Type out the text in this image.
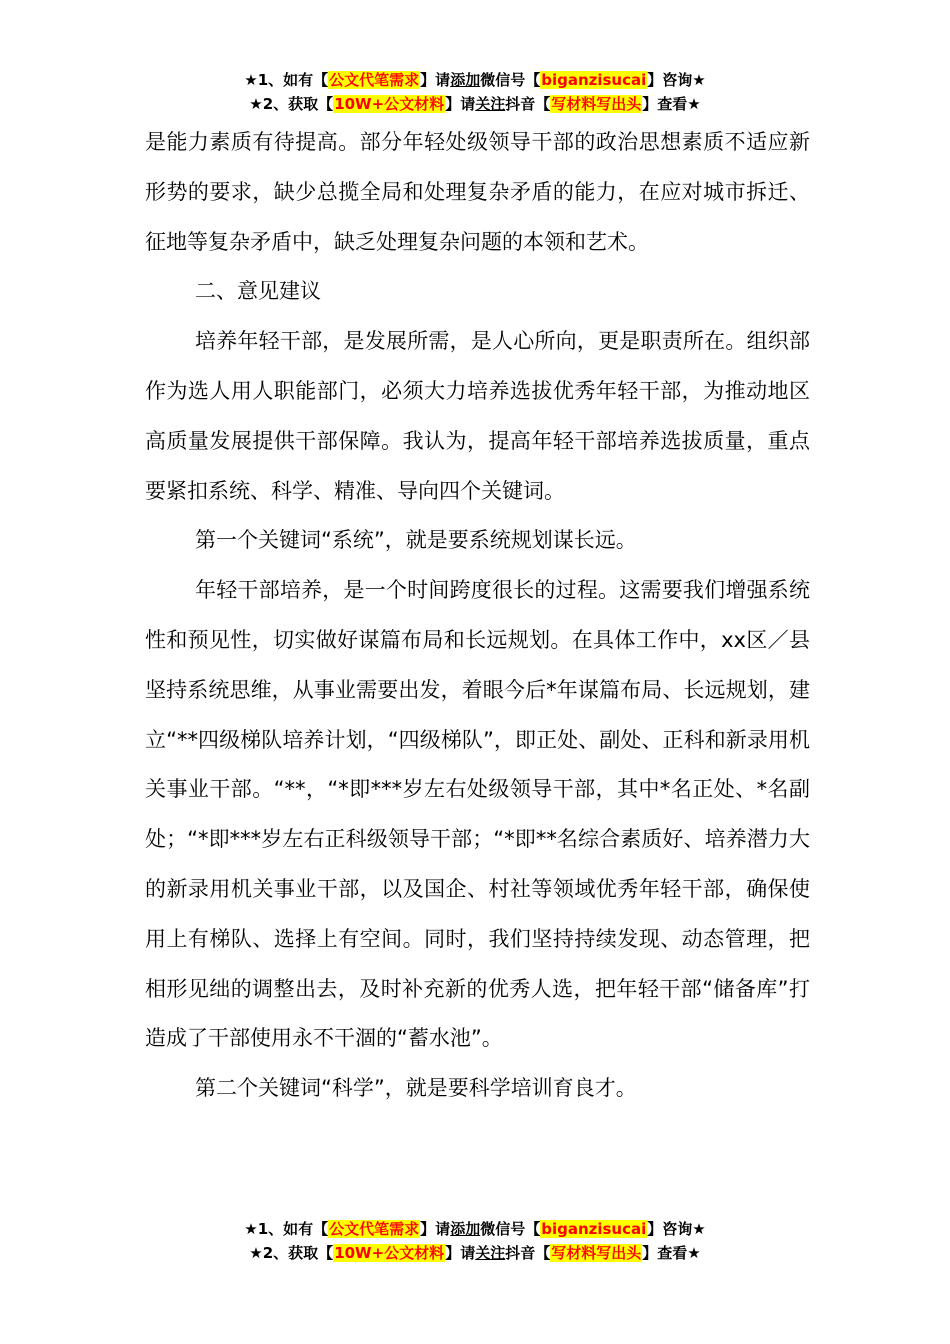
★1、如有【公文代笔需求】请添加微信号【biganzisucai】咨询★
★2、获取【10W+公文材料】请关注抖音【写材料写出头】查看★

是能力素质有待提高。部分年轻处级领导干部的政治思想素质不适应新形势的要求，缺少总揽全局和处理复杂矛盾的能力，在应对城市拆迁、征地等复杂矛盾中，缺乏处理复杂问题的本领和艺术。

二、意见建议

培养年轻干部，是发展所需，是人心所向，更是职责所在。组织部作为选人用人职能部门，必须大力培养选拔优秀年轻干部，为推动地区高质量发展提供干部保障。我认为，提高年轻干部培养选拔质量，重点要紧扣系统、科学、精准、导向四个关键词。

第一个关键词“系统”，就是要系统规划谋长远。

年轻干部培养，是一个时间跨度很长的过程。这需要我们增强系统性和预见性，切实做好谋篇布局和长远规划。在具体工作中，xx区／县坚持系统思维，从事业需要出发，着眼今后*年谋篇布局、长远规划，建立“**四级梯队培养计划，“四级梯队”，即正处、副处、正科和新录用机关事业干部。“**，“*即***岁左右处级领导干部，其中*名正处、*名副处；“*即***岁左右正科级领导干部；“*即**名综合素质好、培养潜力大的新录用机关事业干部，以及国企、村社等领域优秀年轻干部，确保使用上有梯队、选择上有空间。同时，我们坚持持续发现、动态管理，把相形见绌的调整出去，及时补充新的优秀人选，把年轻干部“储备库”打造成了干部使用永不干涸的“蓄水池”。

第二个关键词“科学”，就是要科学培训育良才。

★1、如有【公文代笔需求】请添加微信号【biganzisucai】咨询★
★2、获取【10W+公文材料】请关注抖音【写材料写出头】查看★
